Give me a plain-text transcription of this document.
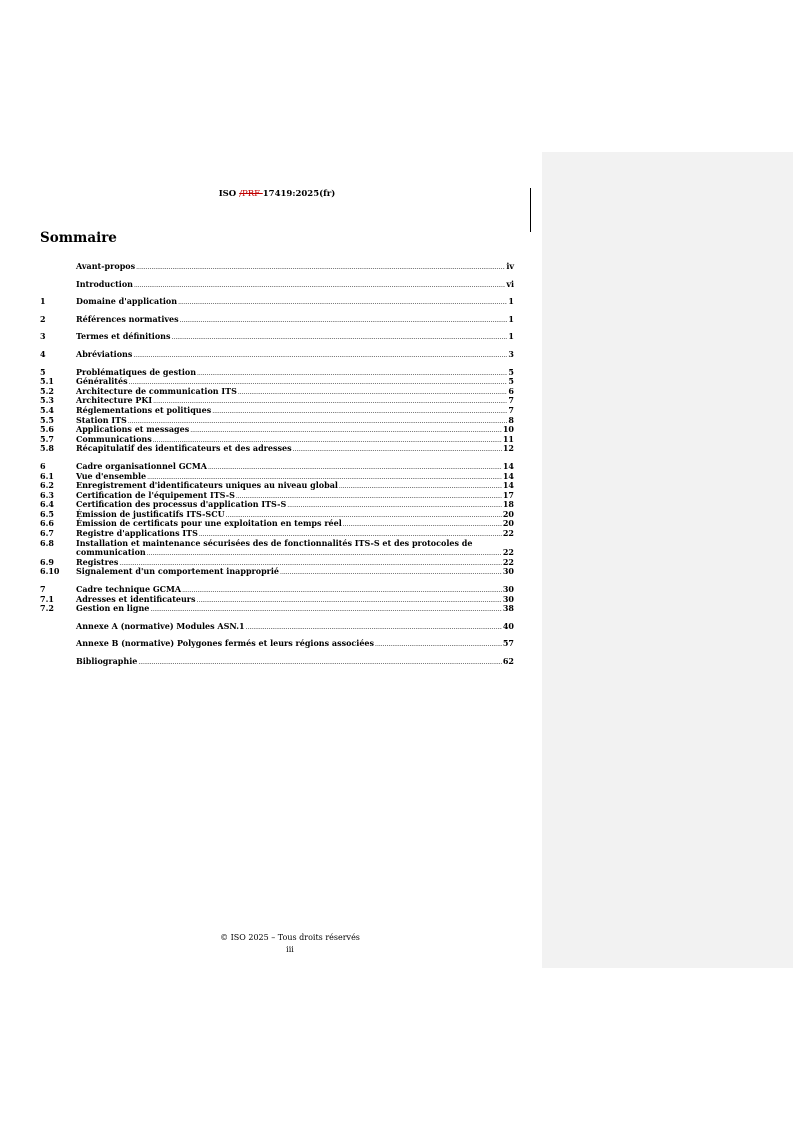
ISO /PRF 17419:2025(fr)
Sommaire
Avant-propos .....	iv
Introduction .....	vi
1	Domaine d'application .....	1
2	Références normatives .....	1
3	Termes et définitions .....	1
4	Abréviations .....	3
5	Problématiques de gestion .....	5
5.1	Généralités .....	5
5.2	Architecture de communication ITS .....	6
5.3	Architecture PKI .....	7
5.4	Réglementations et politiques .....	7
5.5	Station ITS .....	8
5.6	Applications et messages .....	10
5.7	Communications .....	11
5.8	Récapitulatif des identificateurs et des adresses .....	12
6	Cadre organisationnel GCMA .....	14
6.1	Vue d'ensemble .....	14
6.2	Enregistrement d'identificateurs uniques au niveau global .....	14
6.3	Certification de l'équipement ITS-S .....	17
6.4	Certification des processus d'application ITS-S .....	18
6.5	Émission de justificatifs ITS-SCU .....	20
6.6	Émission de certificats pour une exploitation en temps réel .....	20
6.7	Registre d'applications ITS .....	22
6.8	Installation et maintenance sécurisées des de fonctionnalités ITS-S et des protocoles de
communication .....	22
6.9	Registres .....	22
6.10	Signalement d'un comportement inapproprié .....	30
7	Cadre technique GCMA .....	30
7.1	Adresses et identificateurs .....	30
7.2	Gestion en ligne .....	38
Annexe A (normative) Modules ASN.1 .....	40
Annexe B (normative) Polygones fermés et leurs régions associées .....	57
Bibliographie .....	62
© ISO 2025 – Tous droits réservés
iii
